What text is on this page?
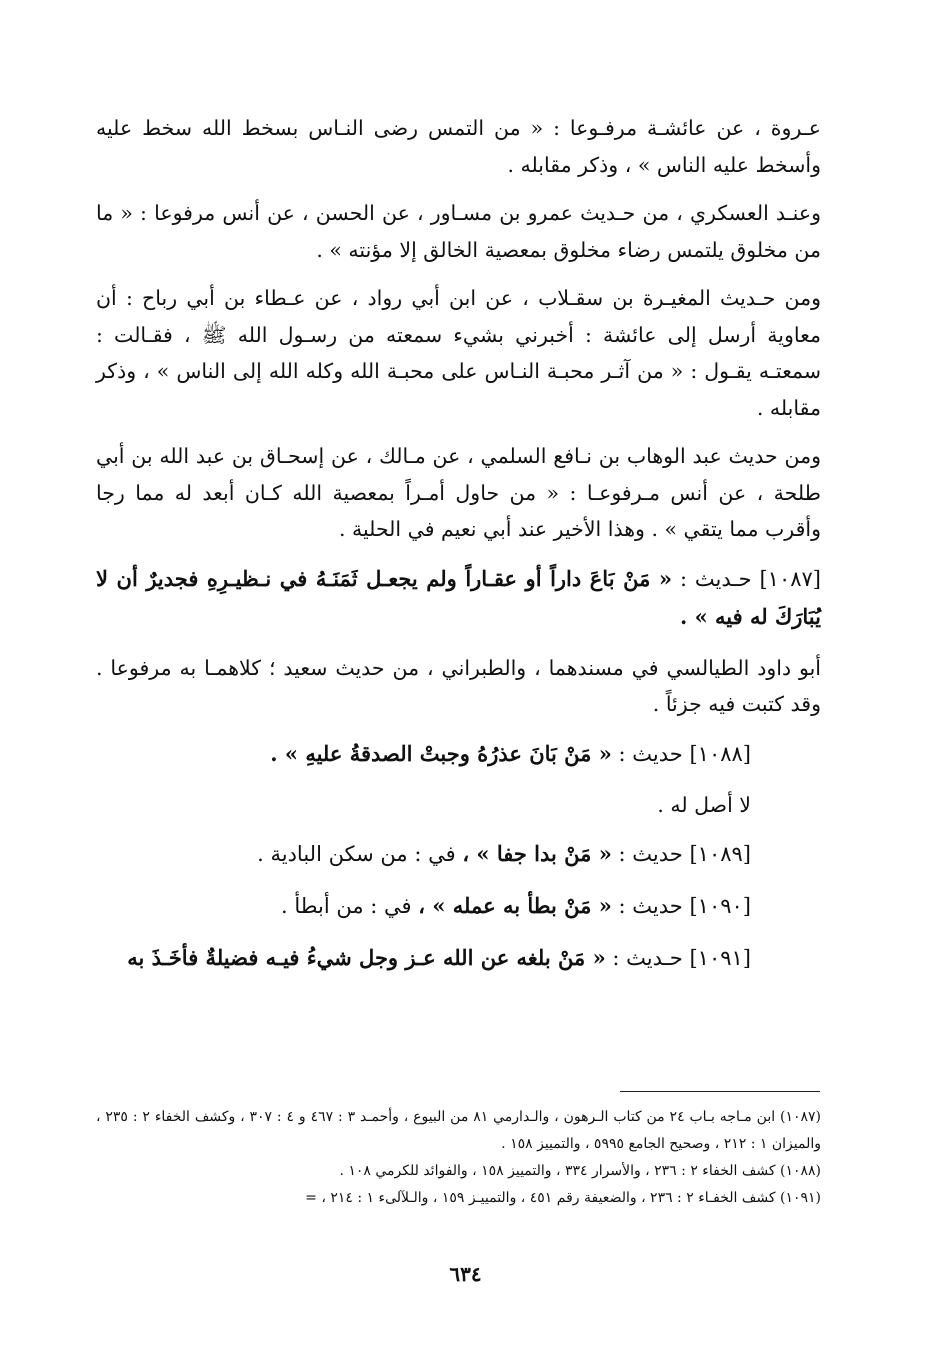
عـروة ، عن عائشـة مرفـوعا : « من التمس رضى النـاس بسخط الله سخط عليه وأسخط عليه الناس » ، وذكر مقابله .

وعنـد العسكري ، من حـديث عمرو بن مسـاور ، عن الحسن ، عن أنس مرفوعا : « ما من مخلوق يلتمس رضاء مخلوق بمعصية الخالق إلا مؤنته » .

ومن حـديث المغيـرة بن سقـلاب ، عن ابن أبي رواد ، عن عـطاء بن أبي رباح : أن معاوية أرسل إلى عائشة : أخبرني بشيء سمعته من رسـول الله ﷺ ، فقـالت : سمعتـه يقـول : « من آثـر محبـة النـاس على محبـة الله وكله الله إلى الناس » ، وذكر مقابله .

ومن حديث عبد الوهاب بن نـافع السلمي ، عن مـالك ، عن إسحـاق بن عبد الله بن أبي طلحة ، عن أنس مـرفوعـا : « من حاول أمـراً بمعصية الله كـان أبعد له مما رجا وأقرب مما يتقي » . وهذا الأخير عند أبي نعيم في الحلية .

[١٠٨٧] حـديث : « مَنْ بَاعَ داراً أو عقـاراً ولم يجعـل ثَمَنَـهُ في نـظيـرِهِ فجديرٌ أن لا يُبَارَكَ له فيه » .

أبو داود الطيالسي في مسندهما ، والطبراني ، من حديث سعيد ؛ كلاهمـا به مرفوعا . وقد كتبت فيه جزئاً .

[١٠٨٨] حديث : « مَنْ بَانَ عذرُهُ وجبتْ الصدقةُ عليهِ » .

لا أصل له .

[١٠٨٩] حديث : « مَنْ بدا جفا » ، في : من سكن البادية .

[١٠٩٠] حديث : « مَنْ بطأ به عمله » ، في : من أبطأ .

[١٠٩١] حـديث : « مَنْ بلغه عن الله عـز وجل شيءُ فيـه فضيلةٌ فأخَـذَ به

(١٠٨٧) ابن مـاجه بـاب ٢٤ من كتاب الـرهون ، والـدارمي ٨١ من البيوع ، وأحمـد ٣ : ٤٦٧ و ٤ : ٣٠٧ ، وكشف الخفاء ٢ : ٢٣٥ ، والميزان ١ : ٢١٢ ، وصحيح الجامع ٥٩٩٥ ، والتمييز ١٥٨ .

(١٠٨٨) كشف الخفاء ٢ : ٢٣٦ ، والأسرار ٣٣٤ ، والتمييز ١٥٨ ، والفوائد للكرمي ١٠٨ .

(١٠٩١) كشف الخفـاء ٢ : ٢٣٦ ، والضعيفة رقم ٤٥١ ، والتمييـز ١٥٩ ، والـلآلىء ١ : ٢١٤ ، =

٦٣٤
